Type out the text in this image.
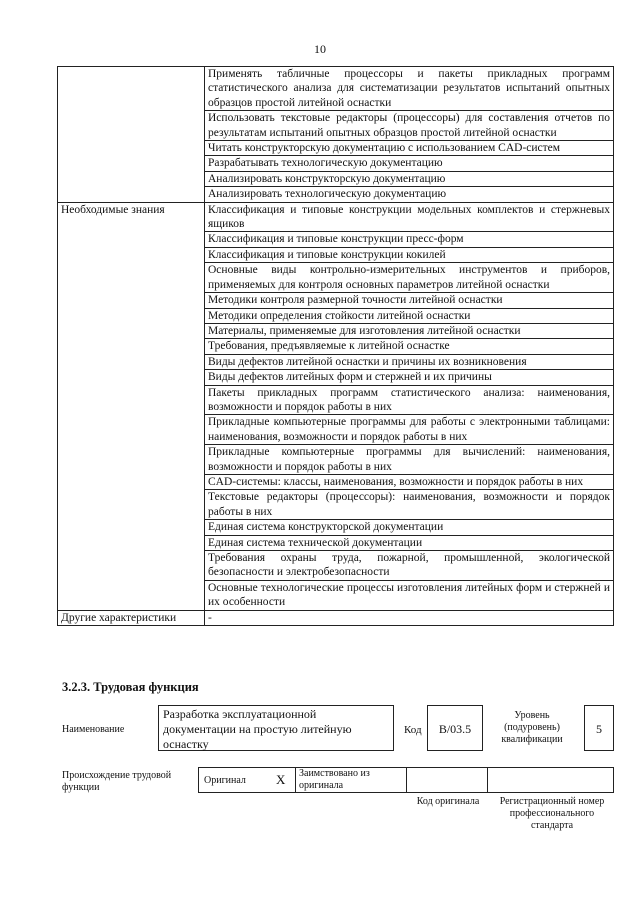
10
	Применять табличные процессоры и пакеты прикладных программ статистического анализа для систематизации результатов испытаний опытных образцов простой литейной оснастки
	Использовать текстовые редакторы (процессоры) для составления отчетов по результатам испытаний опытных образцов простой литейной оснастки
	Читать конструкторскую документацию с использованием CAD-систем
	Разрабатывать технологическую документацию
	Анализировать конструкторскую документацию
	Анализировать технологическую документацию
Необходимые знания	Классификация и типовые конструкции модельных комплектов и стержневых ящиков
	Классификация и типовые конструкции пресс-форм
	Классификация и типовые конструкции кокилей
	Основные виды контрольно-измерительных инструментов и приборов, применяемых для контроля основных параметров литейной оснастки
	Методики контроля размерной точности литейной оснастки
	Методики определения стойкости литейной оснастки
	Материалы, применяемые для изготовления литейной оснастки
	Требования, предъявляемые к литейной оснастке
	Виды дефектов литейной оснастки и причины их возникновения
	Виды дефектов литейных форм и стержней и их причины
	Пакеты прикладных программ статистического анализа: наименования, возможности и порядок работы в них
	Прикладные компьютерные программы для работы с электронными таблицами: наименования, возможности и порядок работы в них
	Прикладные компьютерные программы для вычислений: наименования, возможности и порядок работы в них
	CAD-системы: классы, наименования, возможности и порядок работы в них
	Текстовые редакторы (процессоры): наименования, возможности и порядок работы в них
	Единая система конструкторской документации
	Единая система технической документации
	Требования охраны труда, пожарной, промышленной, экологической безопасности и электробезопасности
	Основные технологические процессы изготовления литейных форм и стержней и их особенности
Другие характеристики	-
3.2.3. Трудовая функция
Наименование
Разработка эксплуатационной документации на простую литейную оснастку
Код	В/03.5
Уровень (подуровень) квалификации
5
Происхождение трудовой функции
Оригинал X Заимствовано из оригинала
Код оригинала	Регистрационный номер профессионального стандарта
